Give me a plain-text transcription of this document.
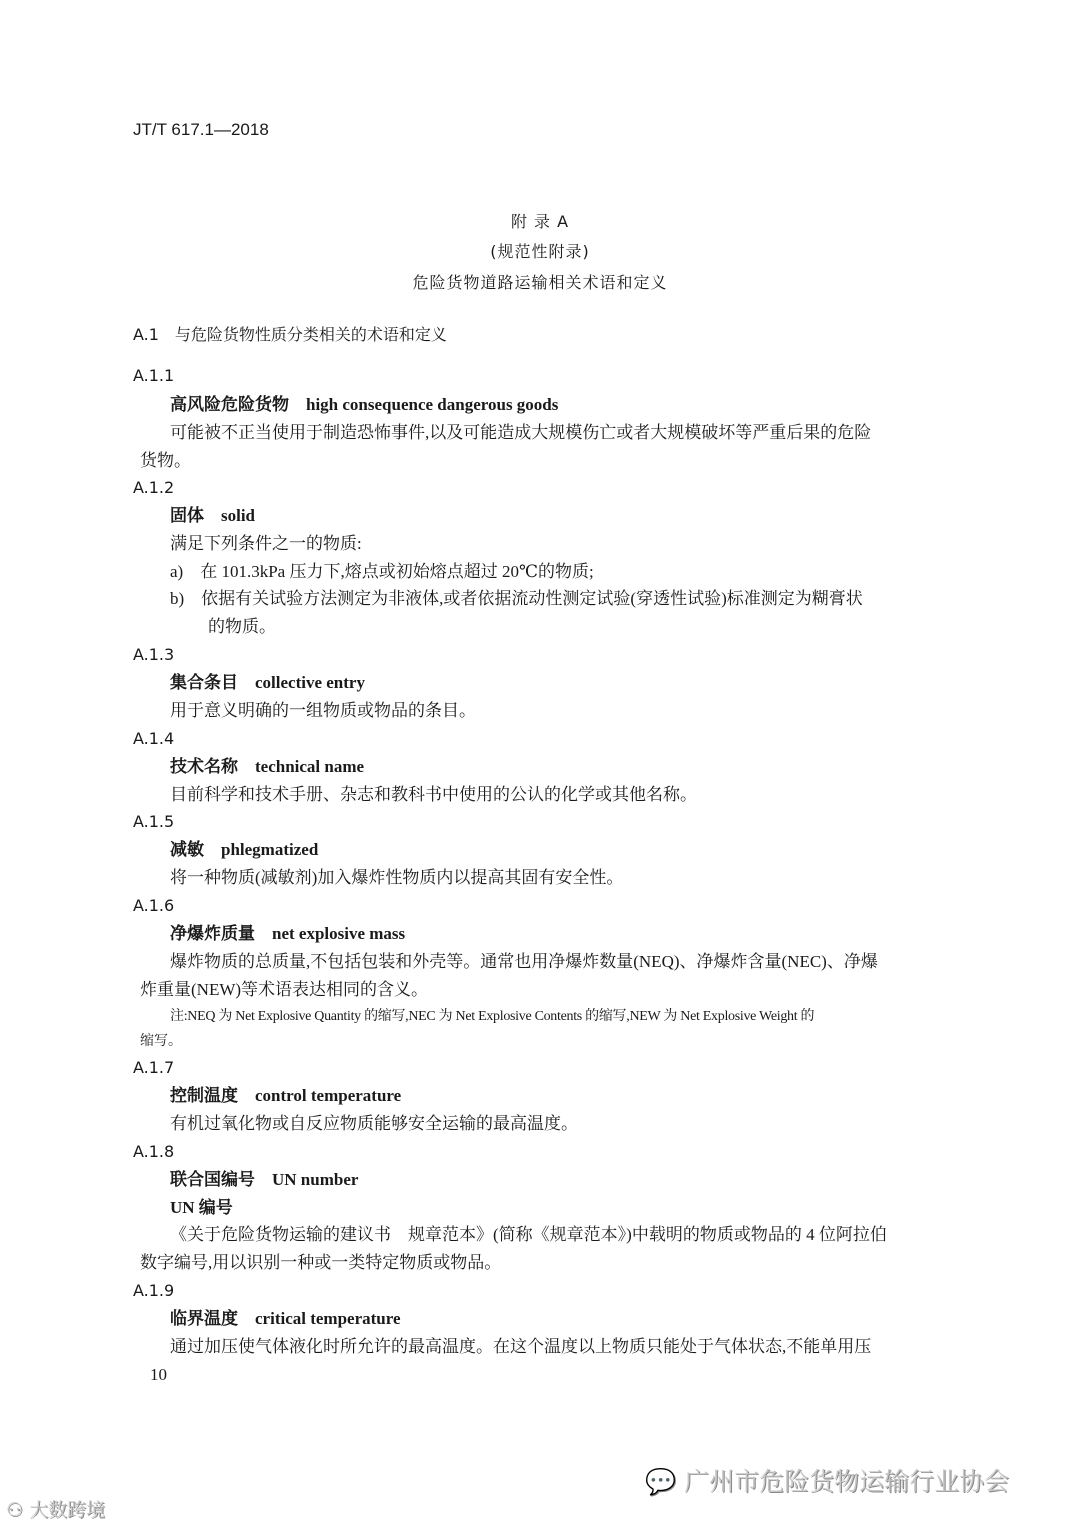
JT/T 617.1—2018
附 录 A
(规范性附录)
危险货物道路运输相关术语和定义
A.1　与危险货物性质分类相关的术语和定义
A.1.1
高风险危险货物　high consequence dangerous goods
可能被不正当使用于制造恐怖事件,以及可能造成大规模伤亡或者大规模破坏等严重后果的危险
货物。
A.1.2
固体　solid
满足下列条件之一的物质:
a)　在 101.3kPa 压力下,熔点或初始熔点超过 20℃的物质;
b)　依据有关试验方法测定为非液体,或者依据流动性测定试验(穿透性试验)标准测定为糊膏状
的物质。
A.1.3
集合条目　collective entry
用于意义明确的一组物质或物品的条目。
A.1.4
技术名称　technical name
目前科学和技术手册、杂志和教科书中使用的公认的化学或其他名称。
A.1.5
减敏　phlegmatized
将一种物质(减敏剂)加入爆炸性物质内以提高其固有安全性。
A.1.6
净爆炸质量　net explosive mass
爆炸物质的总质量,不包括包装和外壳等。通常也用净爆炸数量(NEQ)、净爆炸含量(NEC)、净爆
炸重量(NEW)等术语表达相同的含义。
注:NEQ 为 Net Explosive Quantity 的缩写,NEC 为 Net Explosive Contents 的缩写,NEW 为 Net Explosive Weight 的
缩写。
A.1.7
控制温度　control temperature
有机过氧化物或自反应物质能够安全运输的最高温度。
A.1.8
联合国编号　UN number
UN 编号
《关于危险货物运输的建议书　规章范本》(简称《规章范本》)中载明的物质或物品的 4 位阿拉伯
数字编号,用以识别一种或一类特定物质或物品。
A.1.9
临界温度　critical temperature
通过加压使气体液化时所允许的最高温度。在这个温度以上物质只能处于气体状态,不能单用压
10
💬 广州市危险货物运输行业协会
⚇ 大数跨境
